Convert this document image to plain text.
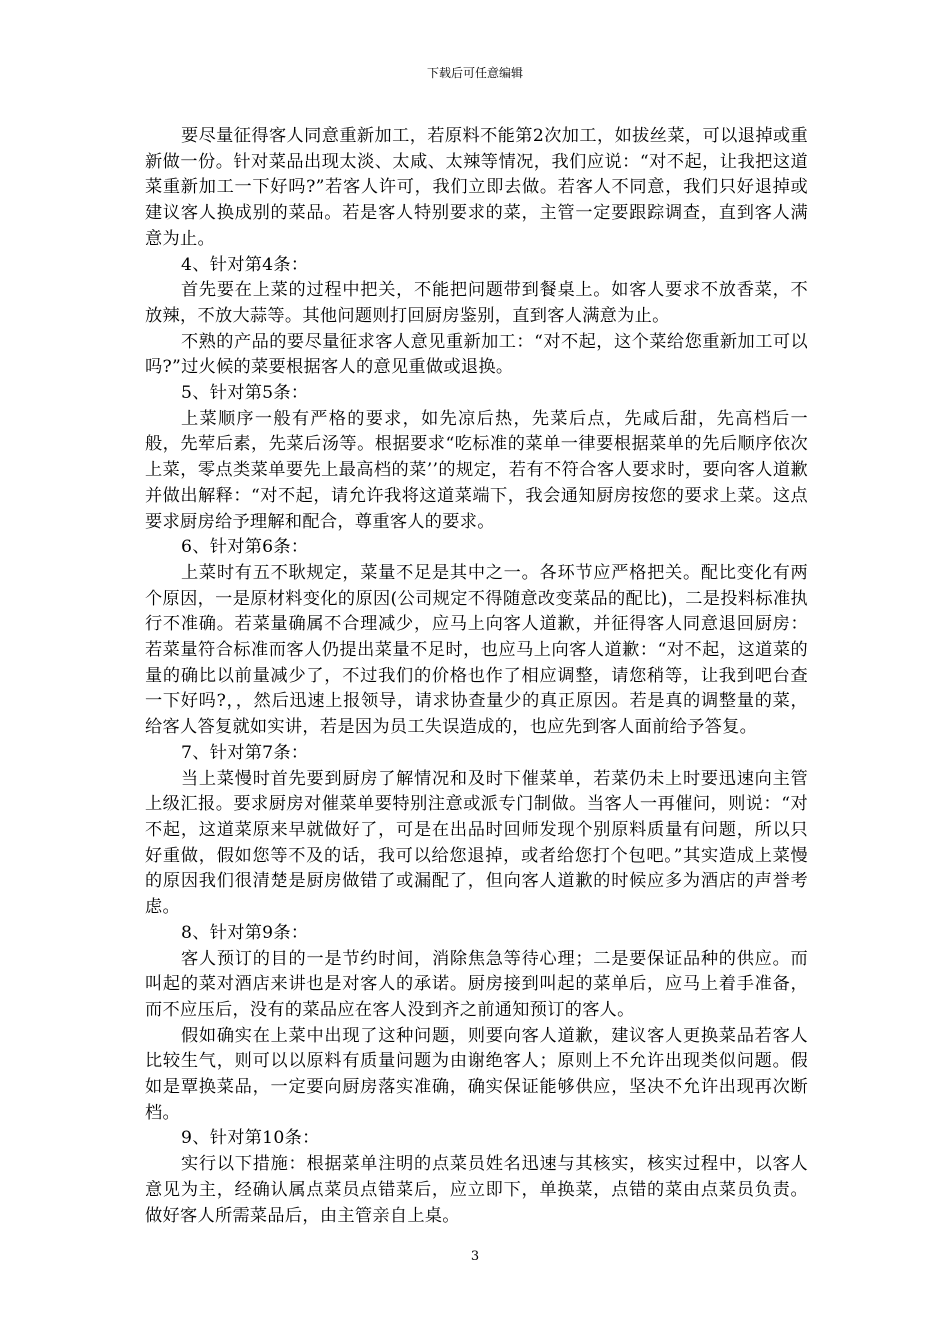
下载后可任意编辑

要尽量征得客人同意重新加工，若原料不能第2次加工，如拔丝菜，可以退掉或重新做一份。针对菜品出现太淡、太咸、太辣等情况，我们应说：“对不起，让我把这道菜重新加工一下好吗?”若客人许可，我们立即去做。若客人不同意，我们只好退掉或建议客人换成别的菜品。若是客人特别要求的菜，主管一定要跟踪调查，直到客人满意为止。

4、针对第4条：

首先要在上菜的过程中把关，不能把问题带到餐桌上。如客人要求不放香菜，不放辣，不放大蒜等。其他问题则打回厨房鉴别，直到客人满意为止。

不熟的产品的要尽量征求客人意见重新加工：“对不起，这个菜给您重新加工可以吗?”过火候的菜要根据客人的意见重做或退换。

5、针对第5条：

上菜顺序一般有严格的要求，如先凉后热，先菜后点，先咸后甜，先高档后一般，先荤后素，先菜后汤等。根据要求“吃标准的菜单一律要根据菜单的先后顺序依次上菜，零点类菜单要先上最高档的菜’’的规定，若有不符合客人要求时，要向客人道歉并做出解释：“对不起，请允许我将这道菜端下，我会通知厨房按您的要求上菜。这点要求厨房给予理解和配合，尊重客人的要求。

6、针对第6条：

上菜时有五不耿规定，菜量不足是其中之一。各环节应严格把关。配比变化有两个原因，一是原材料变化的原因(公司规定不得随意改变菜品的配比)，二是投料标准执行不准确。若菜量确属不合理减少，应马上向客人道歉，并征得客人同意退回厨房：若菜量符合标准而客人仍提出菜量不足时，也应马上向客人道歉：“对不起，这道菜的量的确比以前量减少了，不过我们的价格也作了相应调整，请您稍等，让我到吧台查一下好吗?，，然后迅速上报领导，请求协查量少的真正原因。若是真的调整量的菜，给客人答复就如实讲，若是因为员工失误造成的，也应先到客人面前给予答复。

7、针对第7条：

当上菜慢时首先要到厨房了解情况和及时下催菜单，若菜仍未上时要迅速向主管上级汇报。要求厨房对催菜单要特别注意或派专门制做。当客人一再催问，则说：“对不起，这道菜原来早就做好了，可是在出品时回师发现个别原料质量有问题，所以只好重做，假如您等不及的话，我可以给您退掉，或者给您打个包吧。”其实造成上菜慢的原因我们很清楚是厨房做错了或漏配了，但向客人道歉的时候应多为酒店的声誉考虑。

8、针对第9条：

客人预订的目的一是节约时间，消除焦急等待心理；二是要保证品种的供应。而叫起的菜对酒店来讲也是对客人的承诺。厨房接到叫起的菜单后，应马上着手准备，而不应压后，没有的菜品应在客人没到齐之前通知预订的客人。

假如确实在上菜中出现了这种问题，则要向客人道歉，建议客人更换菜品若客人比较生气，则可以以原料有质量问题为由谢绝客人；原则上不允许出现类似问题。假如是覃换菜品，一定要向厨房落实准确，确实保证能够供应，坚决不允许出现再次断档。

9、针对第10条：

实行以下措施：根据菜单注明的点菜员姓名迅速与其核实，核实过程中，以客人意见为主，经确认属点菜员点错菜后，应立即下，单换菜，点错的菜由点菜员负责。做好客人所需菜品后，由主管亲自上桌。

3
